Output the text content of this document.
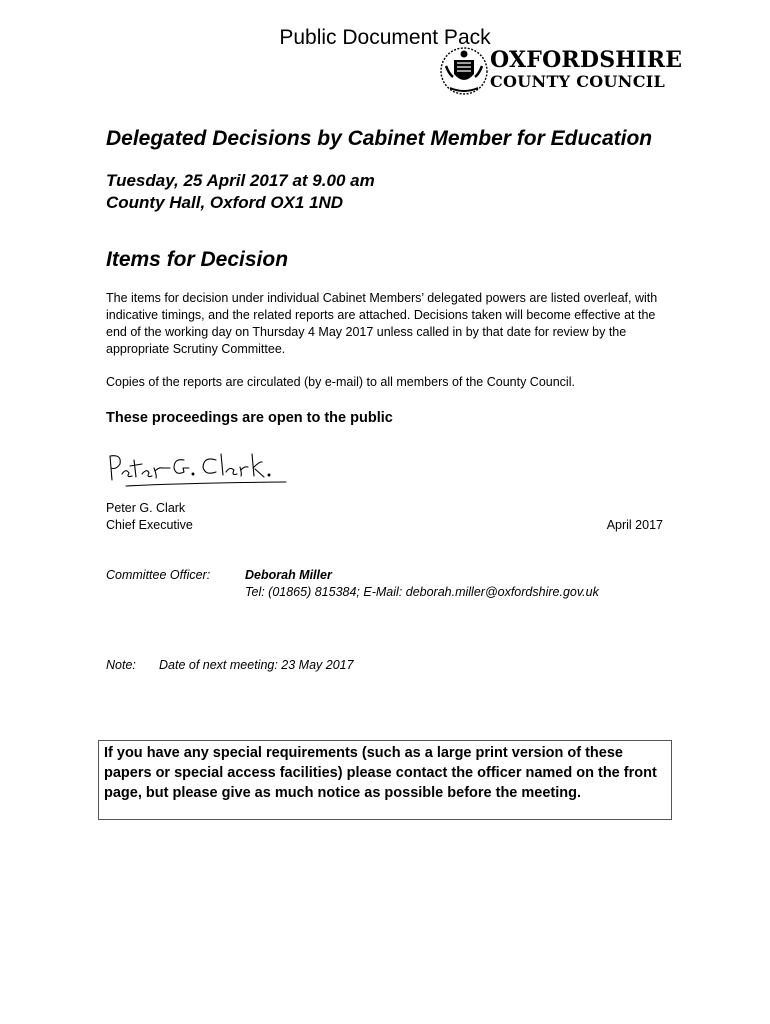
Public Document Pack
OXFORDSHIRE
COUNTY COUNCIL
Delegated Decisions by Cabinet Member for Education
Tuesday, 25 April 2017 at 9.00 am
County Hall, Oxford OX1 1ND
Items for Decision
The items for decision under individual Cabinet Members’ delegated powers are listed overleaf, with indicative timings, and the related reports are attached. Decisions taken will become effective at the end of the working day on Thursday 4 May 2017 unless called in by that date for review by the appropriate Scrutiny Committee.
Copies of the reports are circulated (by e-mail) to all members of the County Council.
These proceedings are open to the public
Peter G. Clark
Chief Executive	April 2017
Committee Officer:	Deborah Miller
Tel: (01865) 815384; E-Mail: deborah.miller@oxfordshire.gov.uk
Note: Date of next meeting: 23 May 2017
If you have any special requirements (such as a large print version of these papers or special access facilities) please contact the officer named on the front page, but please give as much notice as possible before the meeting.
